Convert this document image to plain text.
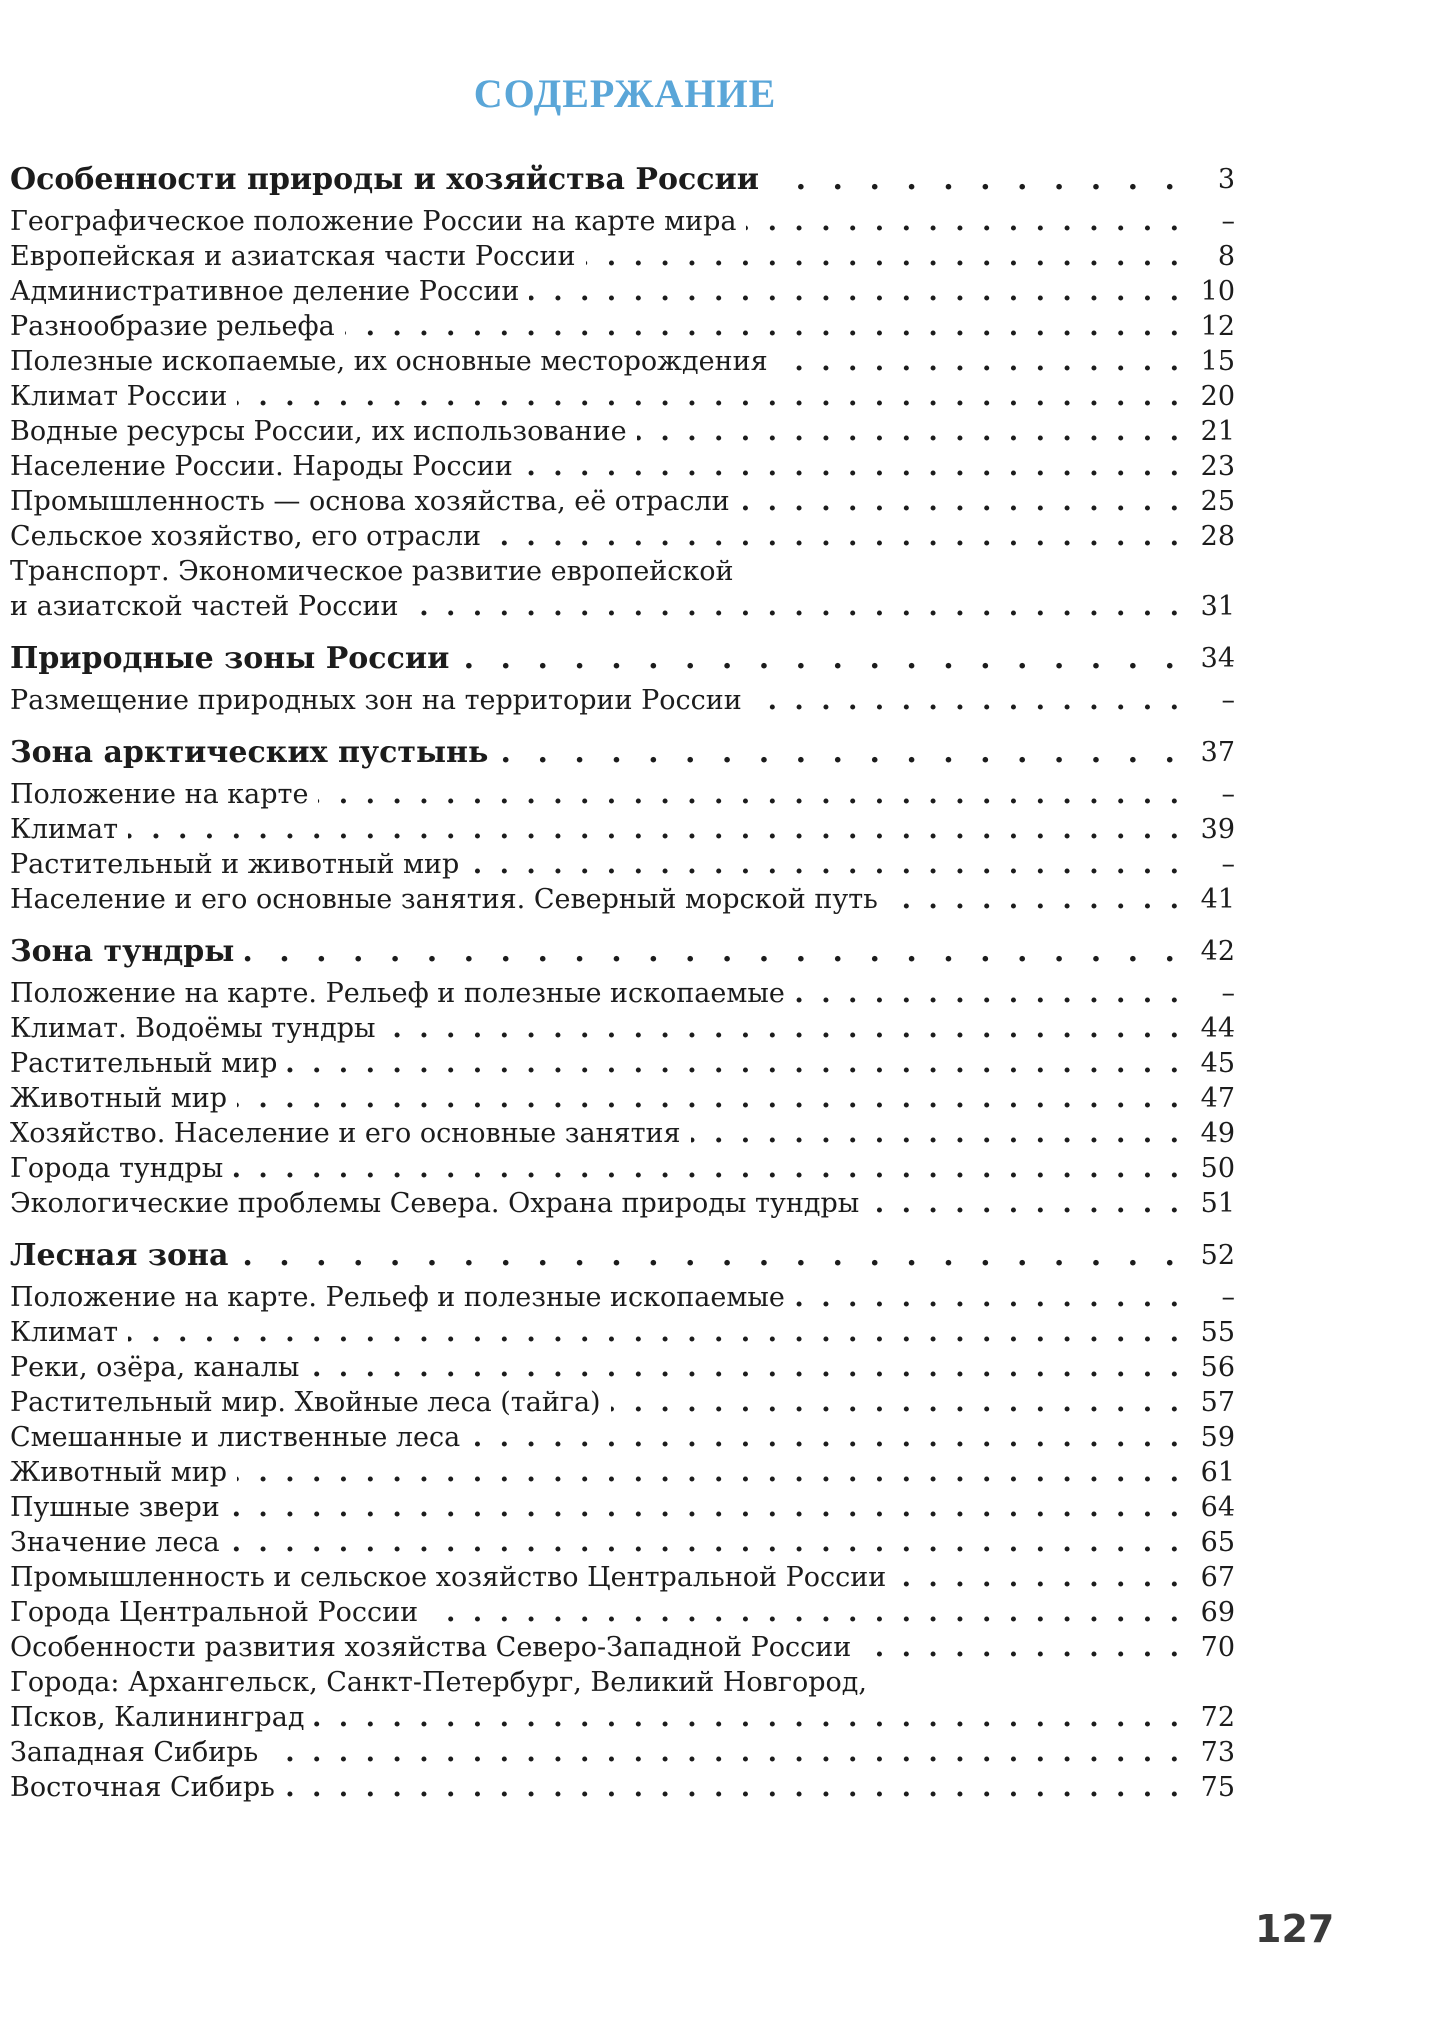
СОДЕРЖАНИЕ
Особенности природы и хозяйства России . . .	3
Географическое положение России на карте мира . . .	–
Европейская и азиатская части России . . .	8
Административное деление России . . .	10
Разнообразие рельефа . . .	12
Полезные ископаемые, их основные месторождения . . .	15
Климат России . . .	20
Водные ресурсы России, их использование . . .	21
Население России. Народы России . . .	23
Промышленность — основа хозяйства, её отрасли . . .	25
Сельское хозяйство, его отрасли . . .	28
Транспорт. Экономическое развитие европейской
и азиатской частей России . . .	31
Природные зоны России . . .	34
Размещение природных зон на территории России . . .	–
Зона арктических пустынь . . .	37
Положение на карте . . .	–
Климат . . .	39
Растительный и животный мир . . .	–
Население и его основные занятия. Северный морской путь . . .	41
Зона тундры . . .	42
Положение на карте. Рельеф и полезные ископаемые . . .	–
Климат. Водоёмы тундры . . .	44
Растительный мир . . .	45
Животный мир . . .	47
Хозяйство. Население и его основные занятия . . .	49
Города тундры . . .	50
Экологические проблемы Севера. Охрана природы тундры . . .	51
Лесная зона . . .	52
Положение на карте. Рельеф и полезные ископаемые . . .	–
Климат . . .	55
Реки, озёра, каналы . . .	56
Растительный мир. Хвойные леса (тайга) . . .	57
Смешанные и лиственные леса . . .	59
Животный мир . . .	61
Пушные звери . . .	64
Значение леса . . .	65
Промышленность и сельское хозяйство Центральной России . . .	67
Города Центральной России . . .	69
Особенности развития хозяйства Северо-Западной России . . .	70
Города: Архангельск, Санкт-Петербург, Великий Новгород,
Псков, Калининград . . .	72
Западная Сибирь . . .	73
Восточная Сибирь . . .	75
127
